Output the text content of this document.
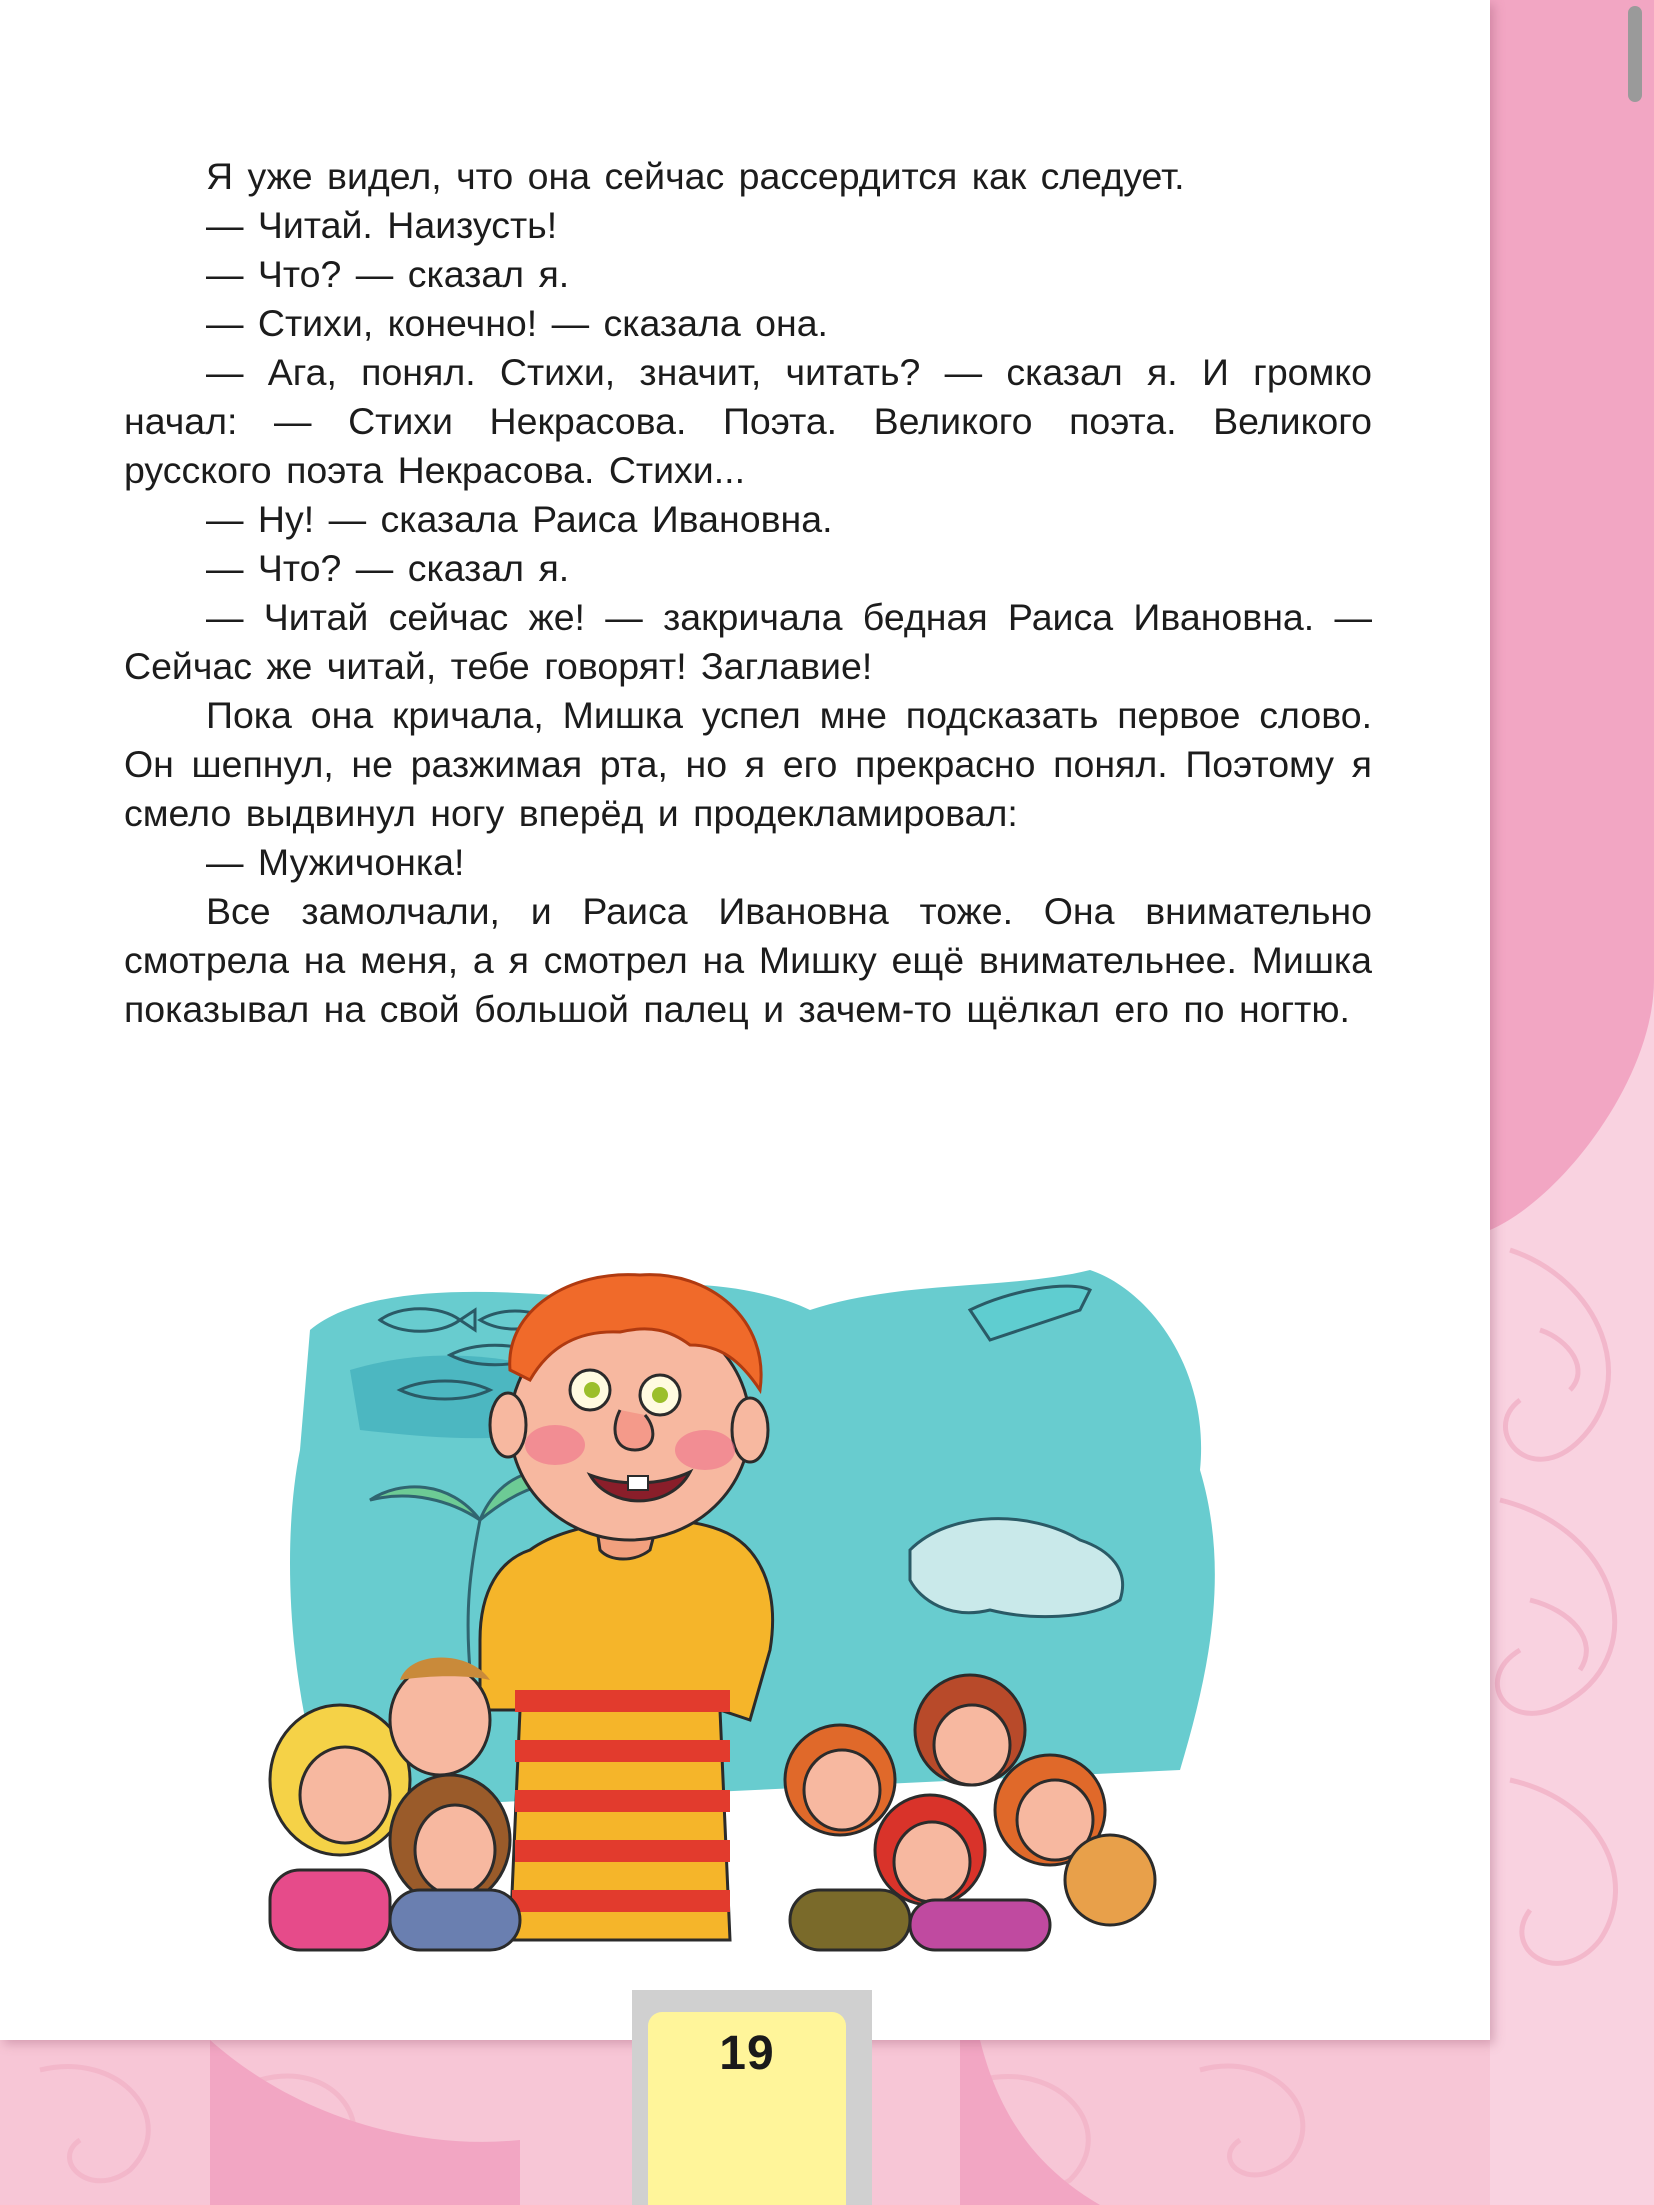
Я уже видел, что она сейчас рассердится как следует.

— Читай. Наизусть!

— Что? — сказал я.

— Стихи, конечно! — сказала она.

— Ага, понял. Стихи, значит, читать? — сказал я. И громко начал: — Стихи Некрасова. Поэта. Великого поэта. Великого русского поэта Некрасова. Стихи...

— Ну! — сказала Раиса Ивановна.

— Что? — сказал я.

— Читай сейчас же! — закричала бедная Раиса Ивановна. — Сейчас же читай, тебе говорят! Заглавие!

Пока она кричала, Мишка успел мне подсказать первое слово. Он шепнул, не разжимая рта, но я его прекрасно понял. Поэтому я смело выдвинул ногу вперёд и продекламировал:

— Мужичонка!

Все замолчали, и Раиса Ивановна тоже. Она внимательно смотрела на меня, а я смотрел на Мишку ещё внимательнее. Мишка показывал на свой большой палец и зачем-то щёлкал его по ногтю.

19
